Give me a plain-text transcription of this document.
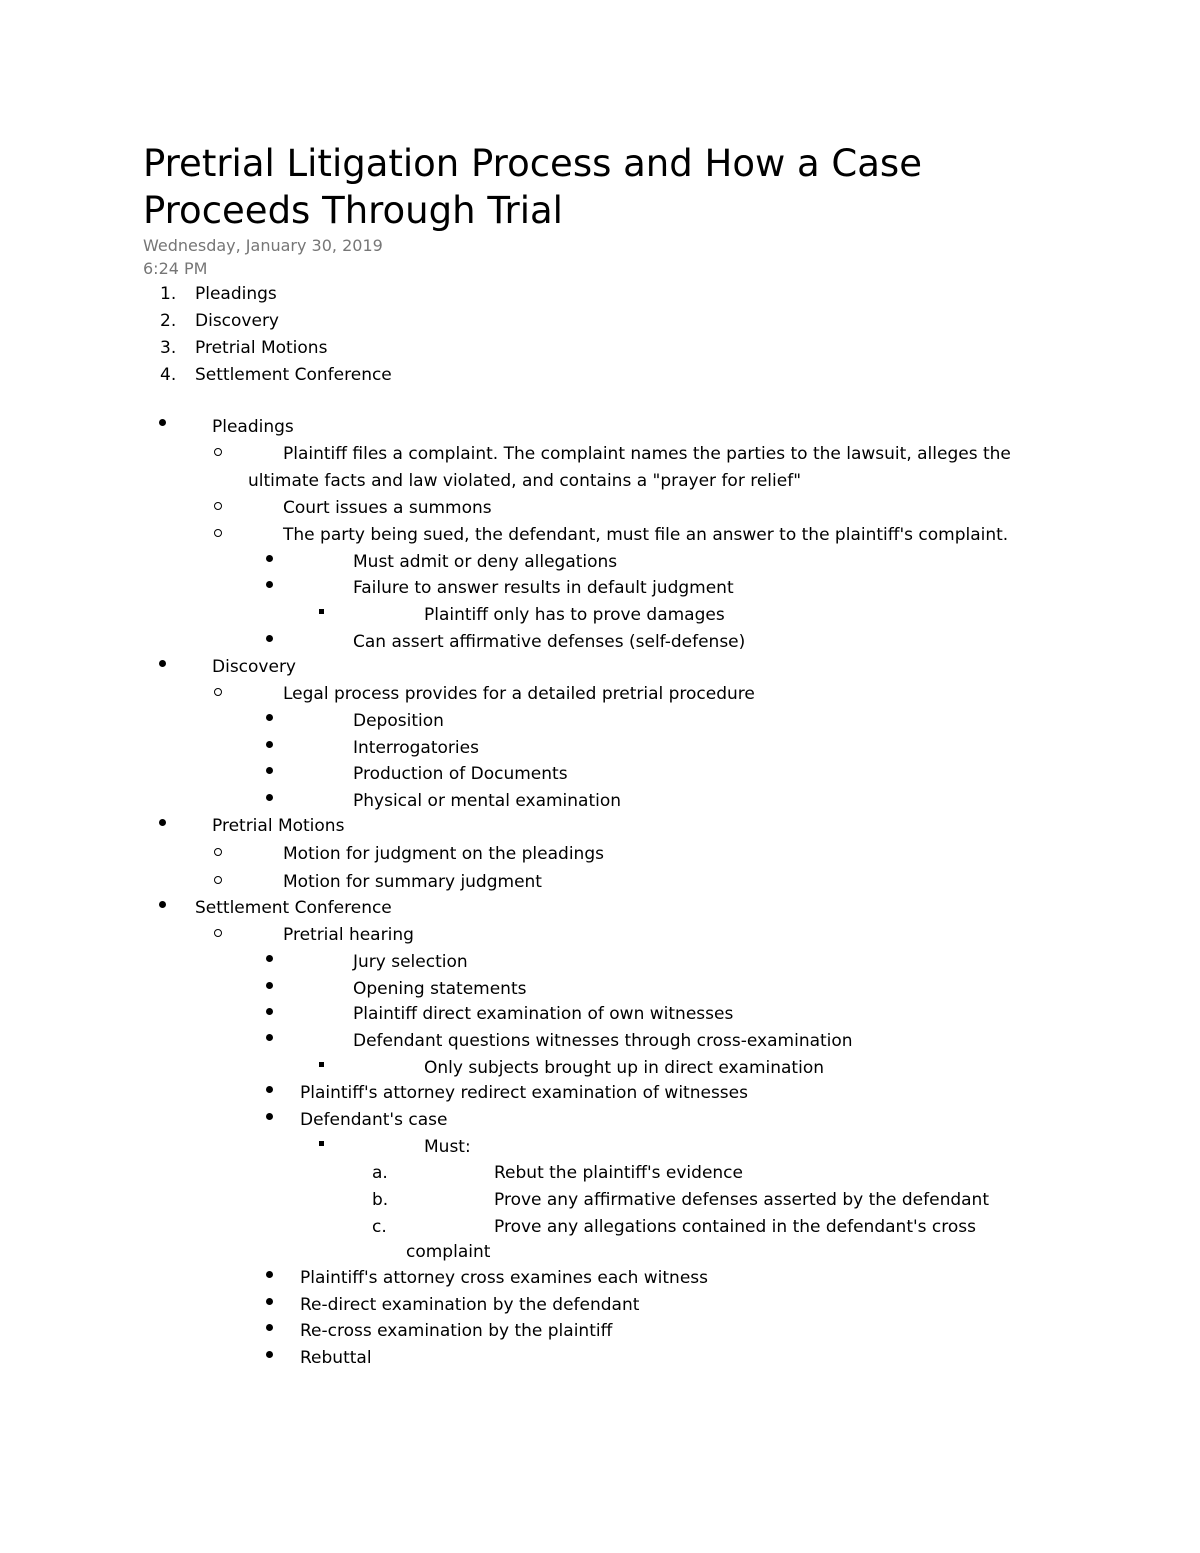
Pretrial Litigation Process and How a Case Proceeds Through Trial
Wednesday, January 30, 2019
6:24 PM
1. Pleadings
2. Discovery
3. Pretrial Motions
4. Settlement Conference
Pleadings
Plaintiff files a complaint. The complaint names the parties to the lawsuit, alleges the
ultimate facts and law violated, and contains a "prayer for relief"
Court issues a summons
The party being sued, the defendant, must file an answer to the plaintiff's complaint.
Must admit or deny allegations
Failure to answer results in default judgment
Plaintiff only has to prove damages
Can assert affirmative defenses (self-defense)
Discovery
Legal process provides for a detailed pretrial procedure
Deposition
Interrogatories
Production of Documents
Physical or mental examination
Pretrial Motions
Motion for judgment on the pleadings
Motion for summary judgment
Settlement Conference
Pretrial hearing
Jury selection
Opening statements
Plaintiff direct examination of own witnesses
Defendant questions witnesses through cross-examination
Only subjects brought up in direct examination
Plaintiff's attorney redirect examination of witnesses
Defendant's case
Must:
a.	Rebut the plaintiff's evidence
b.	Prove any affirmative defenses asserted by the defendant
c.	Prove any allegations contained in the defendant's cross
complaint
Plaintiff's attorney cross examines each witness
Re-direct examination by the defendant
Re-cross examination by the plaintiff
Rebuttal
